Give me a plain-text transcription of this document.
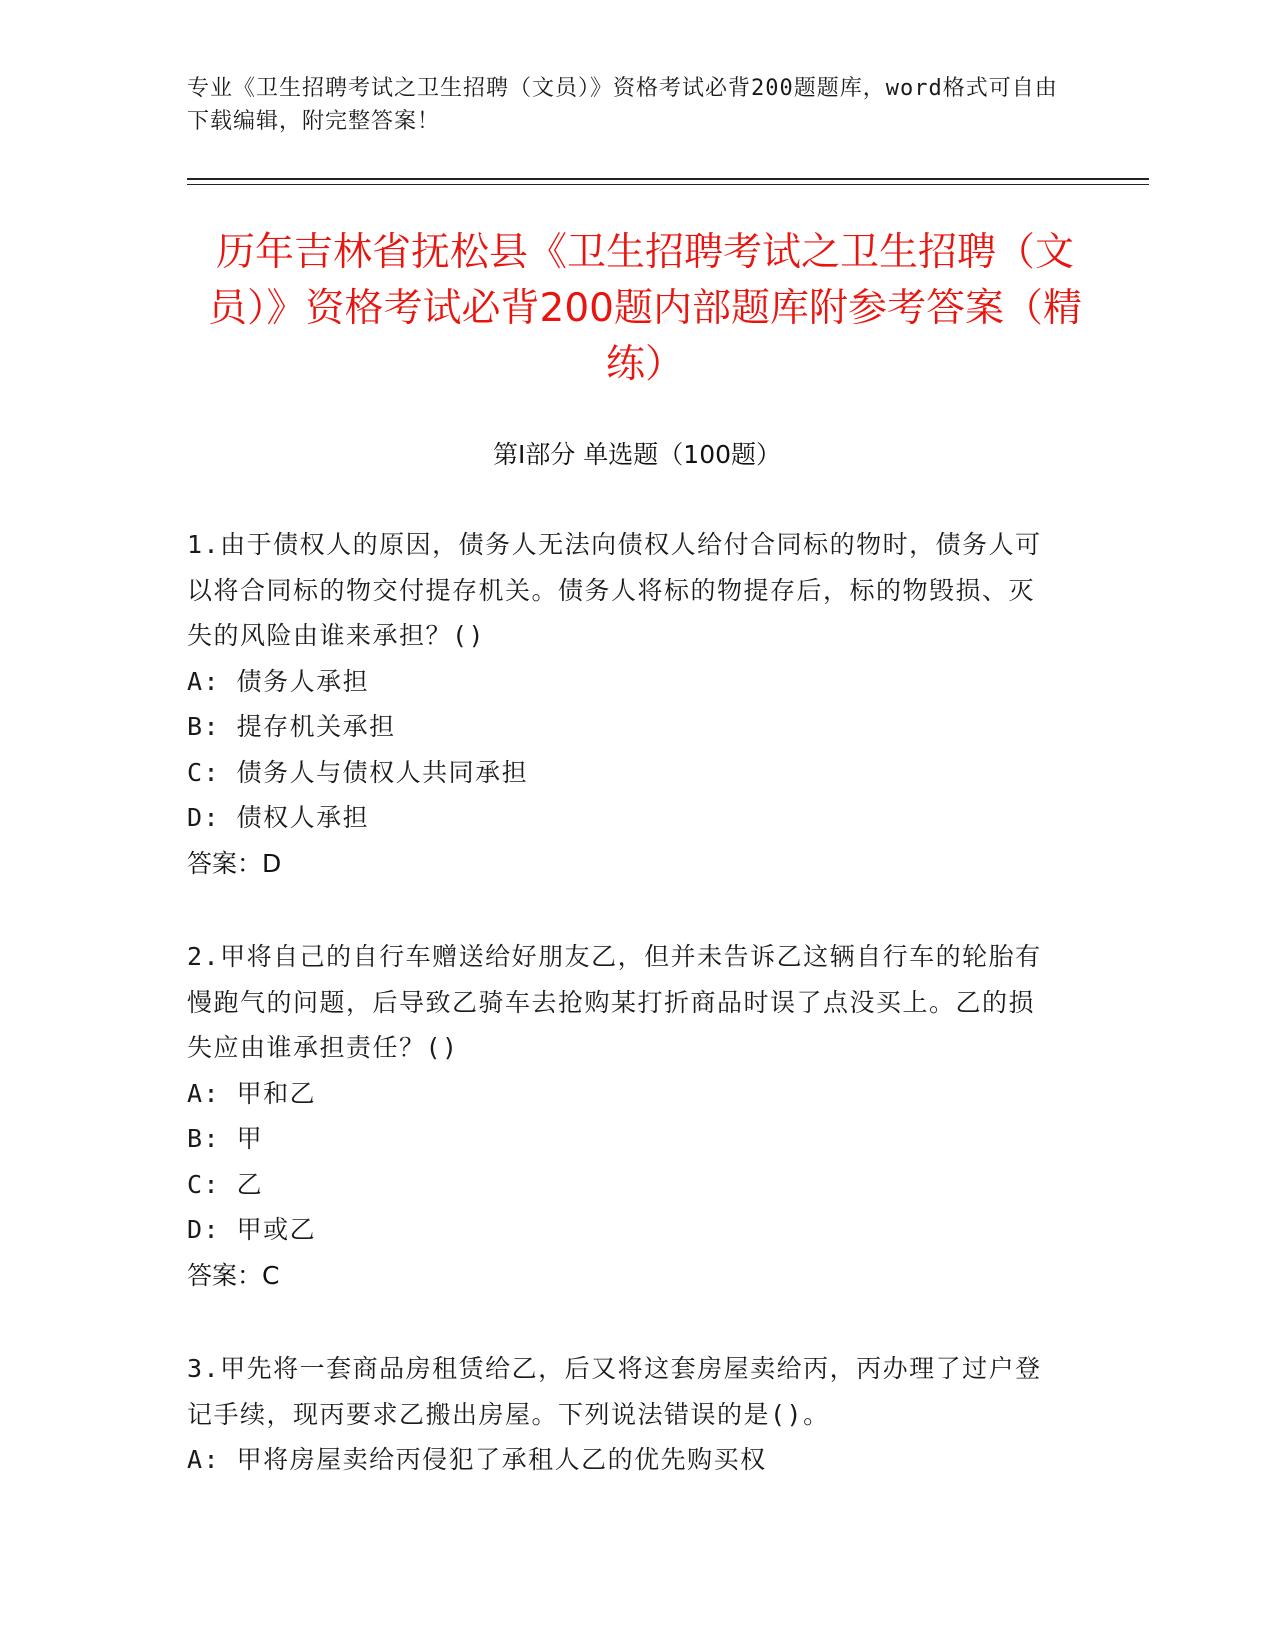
专业《卫生招聘考试之卫生招聘（文员）》资格考试必背200题题库，word格式可自由下载编辑，附完整答案！
历年吉林省抚松县《卫生招聘考试之卫生招聘（文员）》资格考试必背200题内部题库附参考答案（精练）
第Ⅰ部分 单选题（100题）
1.由于债权人的原因，债务人无法向债权人给付合同标的物时，债务人可以将合同标的物交付提存机关。债务人将标的物提存后，标的物毁损、灭失的风险由谁来承担？()
A: 债务人承担
B: 提存机关承担
C: 债务人与债权人共同承担
D: 债权人承担
答案：D
2.甲将自己的自行车赠送给好朋友乙，但并未告诉乙这辆自行车的轮胎有慢跑气的问题，后导致乙骑车去抢购某打折商品时误了点没买上。乙的损失应由谁承担责任？()
A: 甲和乙
B: 甲
C: 乙
D: 甲或乙
答案：C
3.甲先将一套商品房租赁给乙，后又将这套房屋卖给丙，丙办理了过户登记手续，现丙要求乙搬出房屋。下列说法错误的是()。
A: 甲将房屋卖给丙侵犯了承租人乙的优先购买权
